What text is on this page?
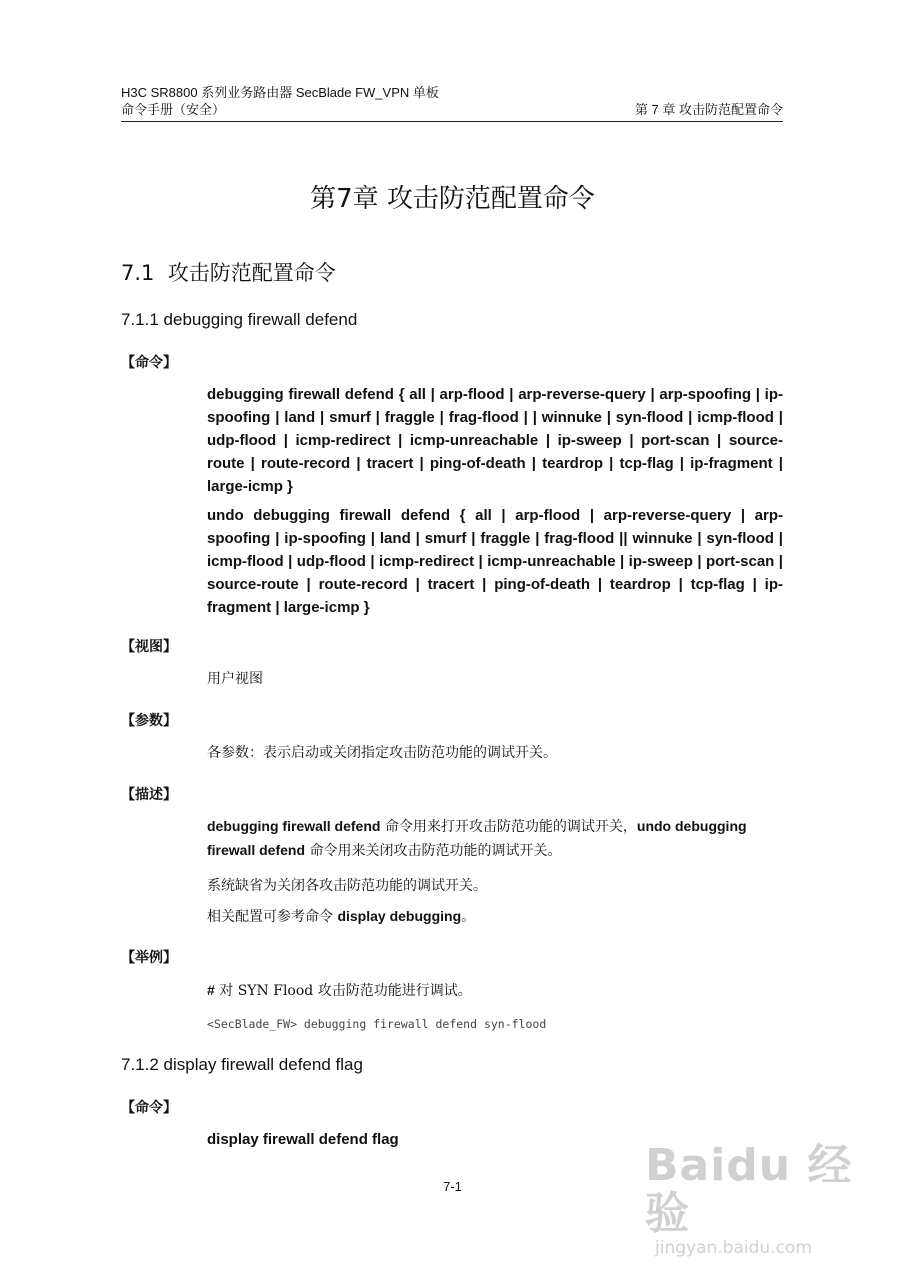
H3C SR8800 系列业务路由器 SecBlade FW_VPN 单板
命令手册（安全）	第 7 章 攻击防范配置命令
第7章 攻击防范配置命令
7.1 攻击防范配置命令
7.1.1 debugging firewall defend
【命令】
debugging firewall defend { all | arp-flood | arp-reverse-query | arp-spoofing | ip-spoofing | land | smurf | fraggle | frag-flood | | winnuke | syn-flood | icmp-flood | udp-flood | icmp-redirect | icmp-unreachable | ip-sweep | port-scan | source-route | route-record | tracert | ping-of-death | teardrop | tcp-flag | ip-fragment | large-icmp }
undo debugging firewall defend { all | arp-flood | arp-reverse-query | arp-spoofing | ip-spoofing | land | smurf | fraggle | frag-flood || winnuke | syn-flood | icmp-flood | udp-flood | icmp-redirect | icmp-unreachable | ip-sweep | port-scan | source-route | route-record | tracert | ping-of-death | teardrop | tcp-flag | ip-fragment | large-icmp }
【视图】
用户视图
【参数】
各参数：表示启动或关闭指定攻击防范功能的调试开关。
【描述】
debugging firewall defend 命令用来打开攻击防范功能的调试开关，undo debugging firewall defend 命令用来关闭攻击防范功能的调试开关。
系统缺省为关闭各攻击防范功能的调试开关。
相关配置可参考命令 display debugging。
【举例】
# 对 SYN Flood 攻击防范功能进行调试。
<SecBlade_FW> debugging firewall defend syn-flood
7.1.2 display firewall defend flag
【命令】
display firewall defend flag
7-1	Baidu 经验
jingyan.baidu.com
